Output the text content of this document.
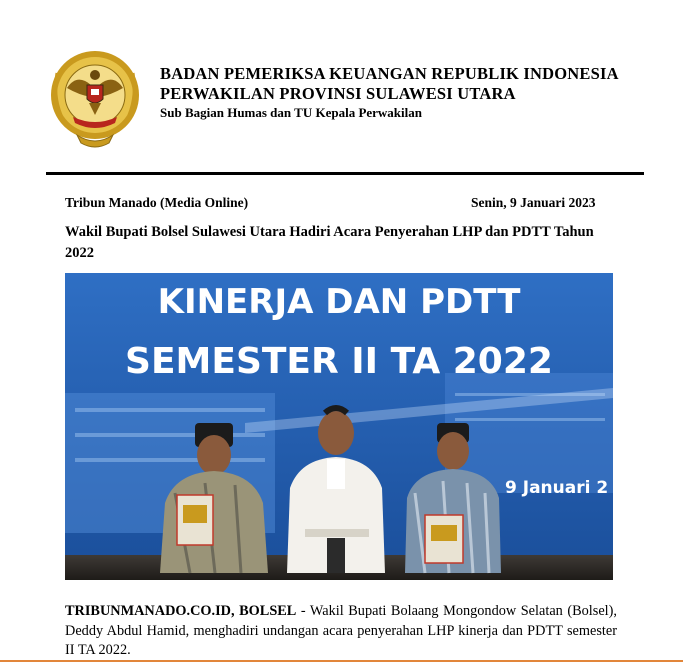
BADAN PEMERIKSA KEUANGAN REPUBLIK INDONESIA
PERWAKILAN PROVINSI SULAWESI UTARA
Sub Bagian Humas dan TU Kepala Perwakilan
Tribun Manado (Media Online)	Senin, 9 Januari 2023
Wakil Bupati Bolsel Sulawesi Utara Hadiri Acara Penyerahan LHP dan PDTT Tahun 2022
KINERJA DAN PDTT
SEMESTER II TA 2022
9 Januari 2
TRIBUNMANADO.CO.ID, BOLSEL - Wakil Bupati Bolaang Mongondow Selatan (Bolsel), Deddy Abdul Hamid, menghadiri undangan acara penyerahan LHP kinerja dan PDTT semester II TA 2022.
